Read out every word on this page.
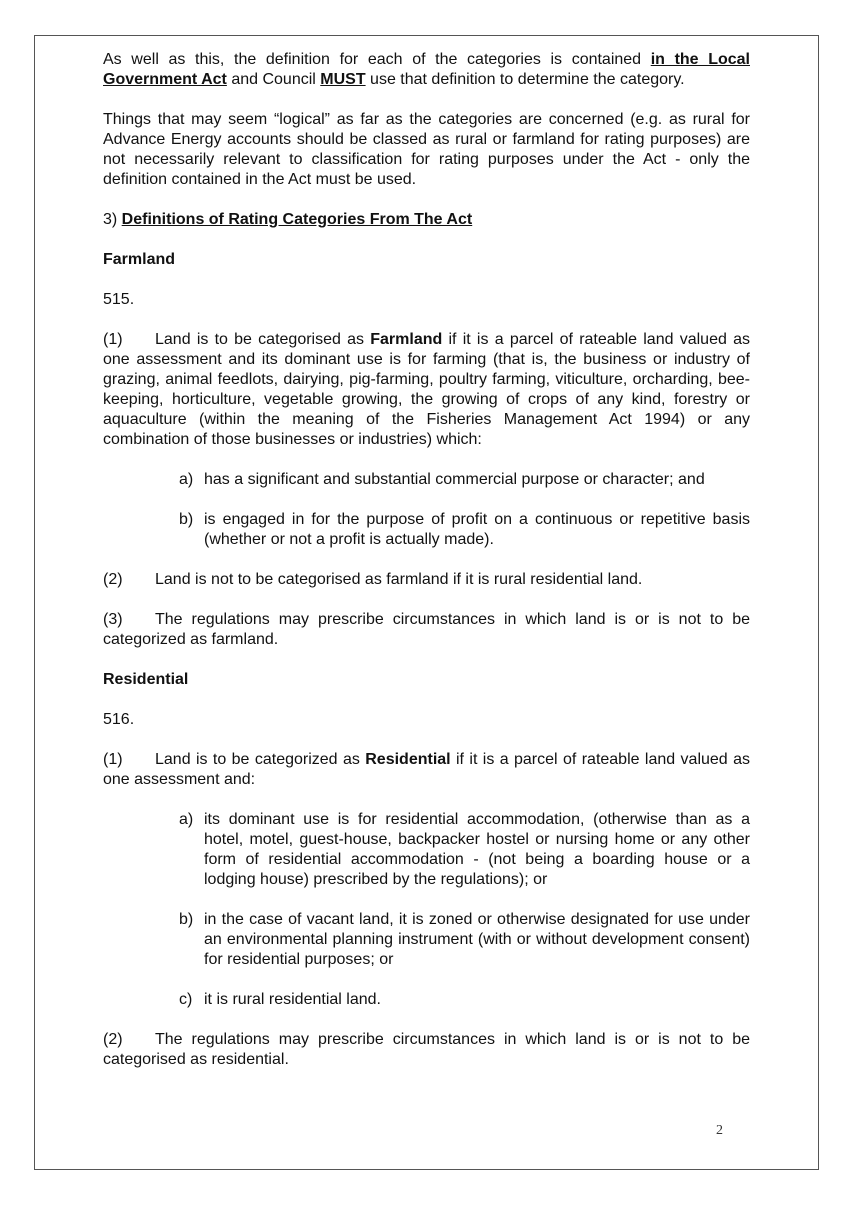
As well as this, the definition for each of the categories is contained in the Local Government Act and Council MUST use that definition to determine the category.

Things that may seem “logical” as far as the categories are concerned (e.g. as rural for Advance Energy accounts should be classed as rural or farmland for rating purposes) are not necessarily relevant to classification for rating purposes under the Act - only the definition contained in the Act must be used.

3) Definitions of Rating Categories From The Act

Farmland

515.

(1) Land is to be categorised as Farmland if it is a parcel of rateable land valued as one assessment and its dominant use is for farming (that is, the business or industry of grazing, animal feedlots, dairying, pig-farming, poultry farming, viticulture, orcharding, bee-keeping, horticulture, vegetable growing, the growing of crops of any kind, forestry or aquaculture (within the meaning of the Fisheries Management Act 1994) or any combination of those businesses or industries) which:

a) has a significant and substantial commercial purpose or character; and
b) is engaged in for the purpose of profit on a continuous or repetitive basis (whether or not a profit is actually made).

(2) Land is not to be categorised as farmland if it is rural residential land.

(3) The regulations may prescribe circumstances in which land is or is not to be categorized as farmland.

Residential

516.

(1) Land is to be categorized as Residential if it is a parcel of rateable land valued as one assessment and:

a) its dominant use is for residential accommodation, (otherwise than as a hotel, motel, guest-house, backpacker hostel or nursing home or any other form of residential accommodation - (not being a boarding house or a lodging house) prescribed by the regulations); or
b) in the case of vacant land, it is zoned or otherwise designated for use under an environmental planning instrument (with or without development consent) for residential purposes; or
c) it is rural residential land.

(2) The regulations may prescribe circumstances in which land is or is not to be categorised as residential.

2
